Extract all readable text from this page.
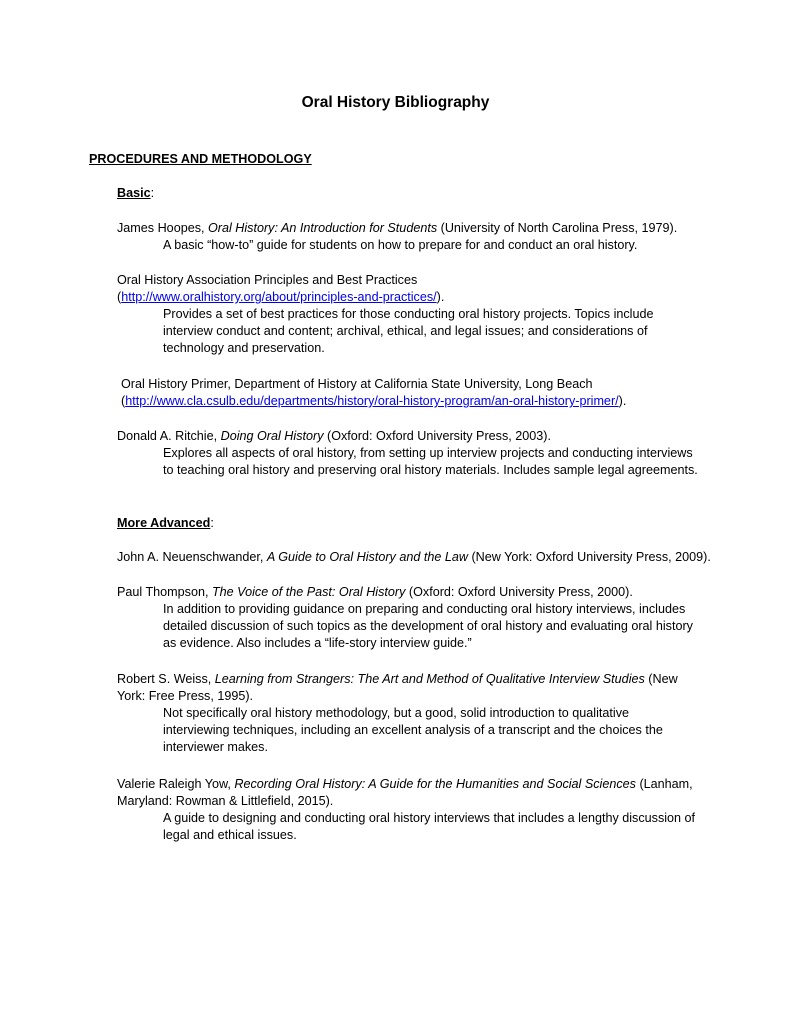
Oral History Bibliography
PROCEDURES AND METHODOLOGY
Basic:
James Hoopes, Oral History: An Introduction for Students (University of North Carolina Press, 1979).
A basic “how-to” guide for students on how to prepare for and conduct an oral history.
Oral History Association Principles and Best Practices
(http://www.oralhistory.org/about/principles-and-practices/).
Provides a set of best practices for those conducting oral history projects. Topics include
interview conduct and content; archival, ethical, and legal issues; and considerations of
technology and preservation.
Oral History Primer, Department of History at California State University, Long Beach
(http://www.cla.csulb.edu/departments/history/oral-history-program/an-oral-history-primer/).
Donald A. Ritchie, Doing Oral History (Oxford: Oxford University Press, 2003).
Explores all aspects of oral history, from setting up interview projects and conducting interviews
to teaching oral history and preserving oral history materials. Includes sample legal agreements.
More Advanced:
John A. Neuenschwander, A Guide to Oral History and the Law (New York: Oxford University Press, 2009).
Paul Thompson, The Voice of the Past: Oral History (Oxford: Oxford University Press, 2000).
In addition to providing guidance on preparing and conducting oral history interviews, includes
detailed discussion of such topics as the development of oral history and evaluating oral history
as evidence. Also includes a “life-story interview guide.”
Robert S. Weiss, Learning from Strangers: The Art and Method of Qualitative Interview Studies (New
York: Free Press, 1995).
Not specifically oral history methodology, but a good, solid introduction to qualitative
interviewing techniques, including an excellent analysis of a transcript and the choices the
interviewer makes.
Valerie Raleigh Yow, Recording Oral History: A Guide for the Humanities and Social Sciences (Lanham,
Maryland: Rowman & Littlefield, 2015).
A guide to designing and conducting oral history interviews that includes a lengthy discussion of
legal and ethical issues.
